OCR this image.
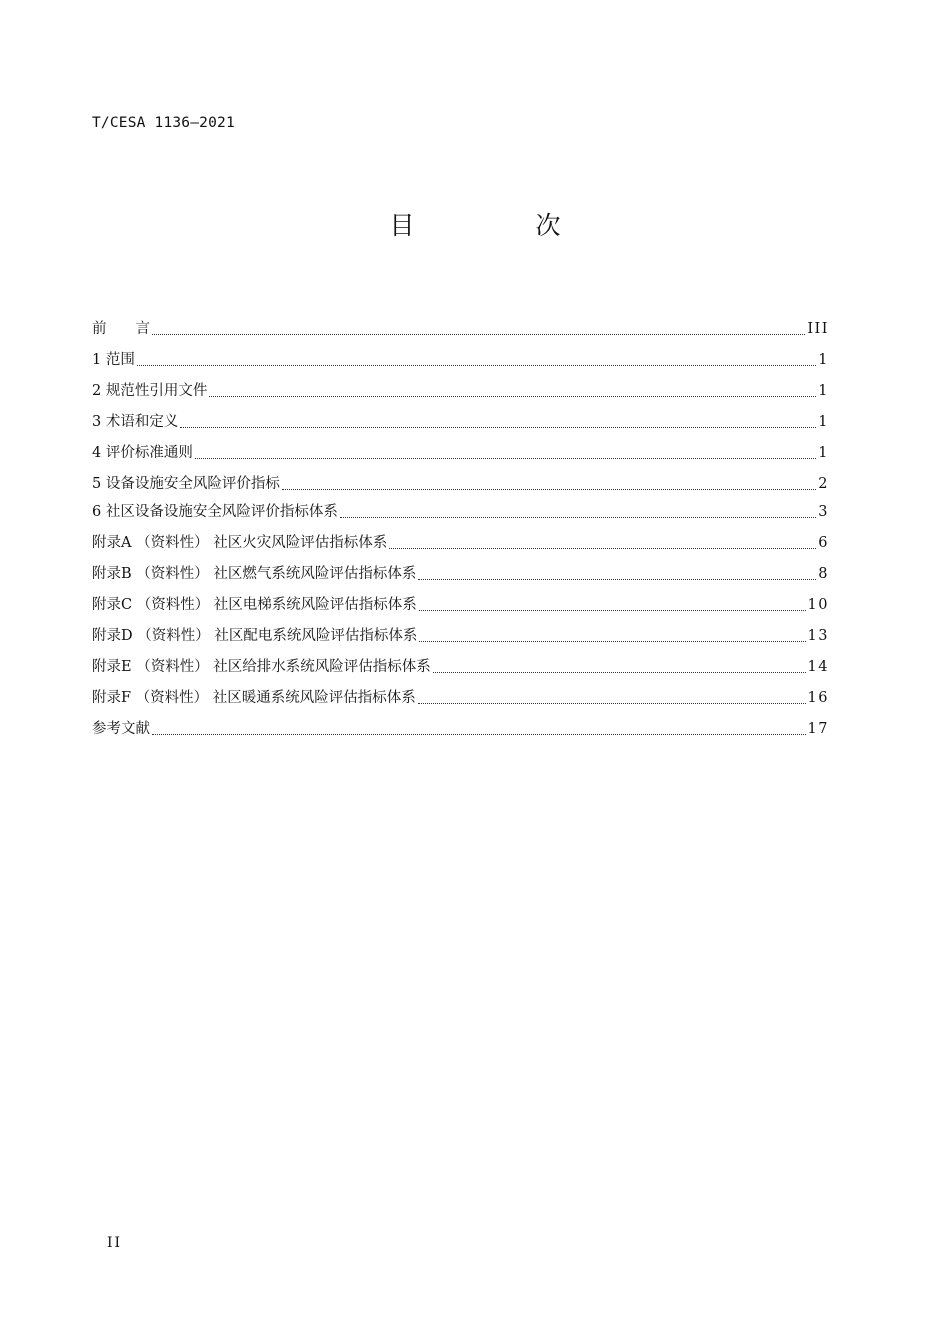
T/CESA 1136—2021
目　次
前　　言	III
1 范围	1
2 规范性引用文件	1
3 术语和定义	1
4 评价标准通则	1
5 设备设施安全风险评价指标	2
6 社区设备设施安全风险评价指标体系	3
附录A （资料性） 社区火灾风险评估指标体系	6
附录B （资料性） 社区燃气系统风险评估指标体系	8
附录C （资料性） 社区电梯系统风险评估指标体系	10
附录D （资料性） 社区配电系统风险评估指标体系	13
附录E （资料性） 社区给排水系统风险评估指标体系	14
附录F （资料性） 社区暖通系统风险评估指标体系	16
参考文献	17
II
